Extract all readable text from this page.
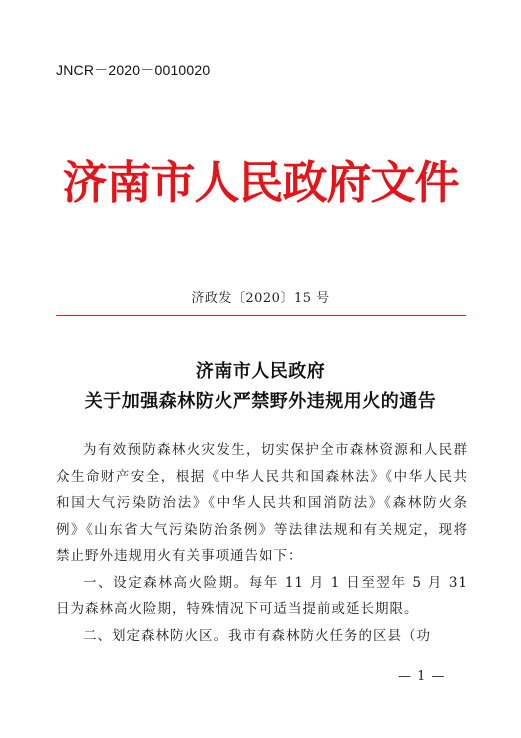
JNCR－2020－0010020
济南市人民政府文件
济政发〔2020〕15 号
济南市人民政府
关于加强森林防火严禁野外违规用火的通告

为有效预防森林火灾发生，切实保护全市森林资源和人民群众生命财产安全，根据《中华人民共和国森林法》《中华人民共和国大气污染防治法》《中华人民共和国消防法》《森林防火条例》《山东省大气污染防治条例》等法律法规和有关规定，现将禁止野外违规用火有关事项通告如下：

一、设定森林高火险期。每年 11 月 1 日至翌年 5 月 31 日为森林高火险期，特殊情况下可适当提前或延长期限。

二、划定森林防火区。我市有森林防火任务的区县（功

— 1 —
